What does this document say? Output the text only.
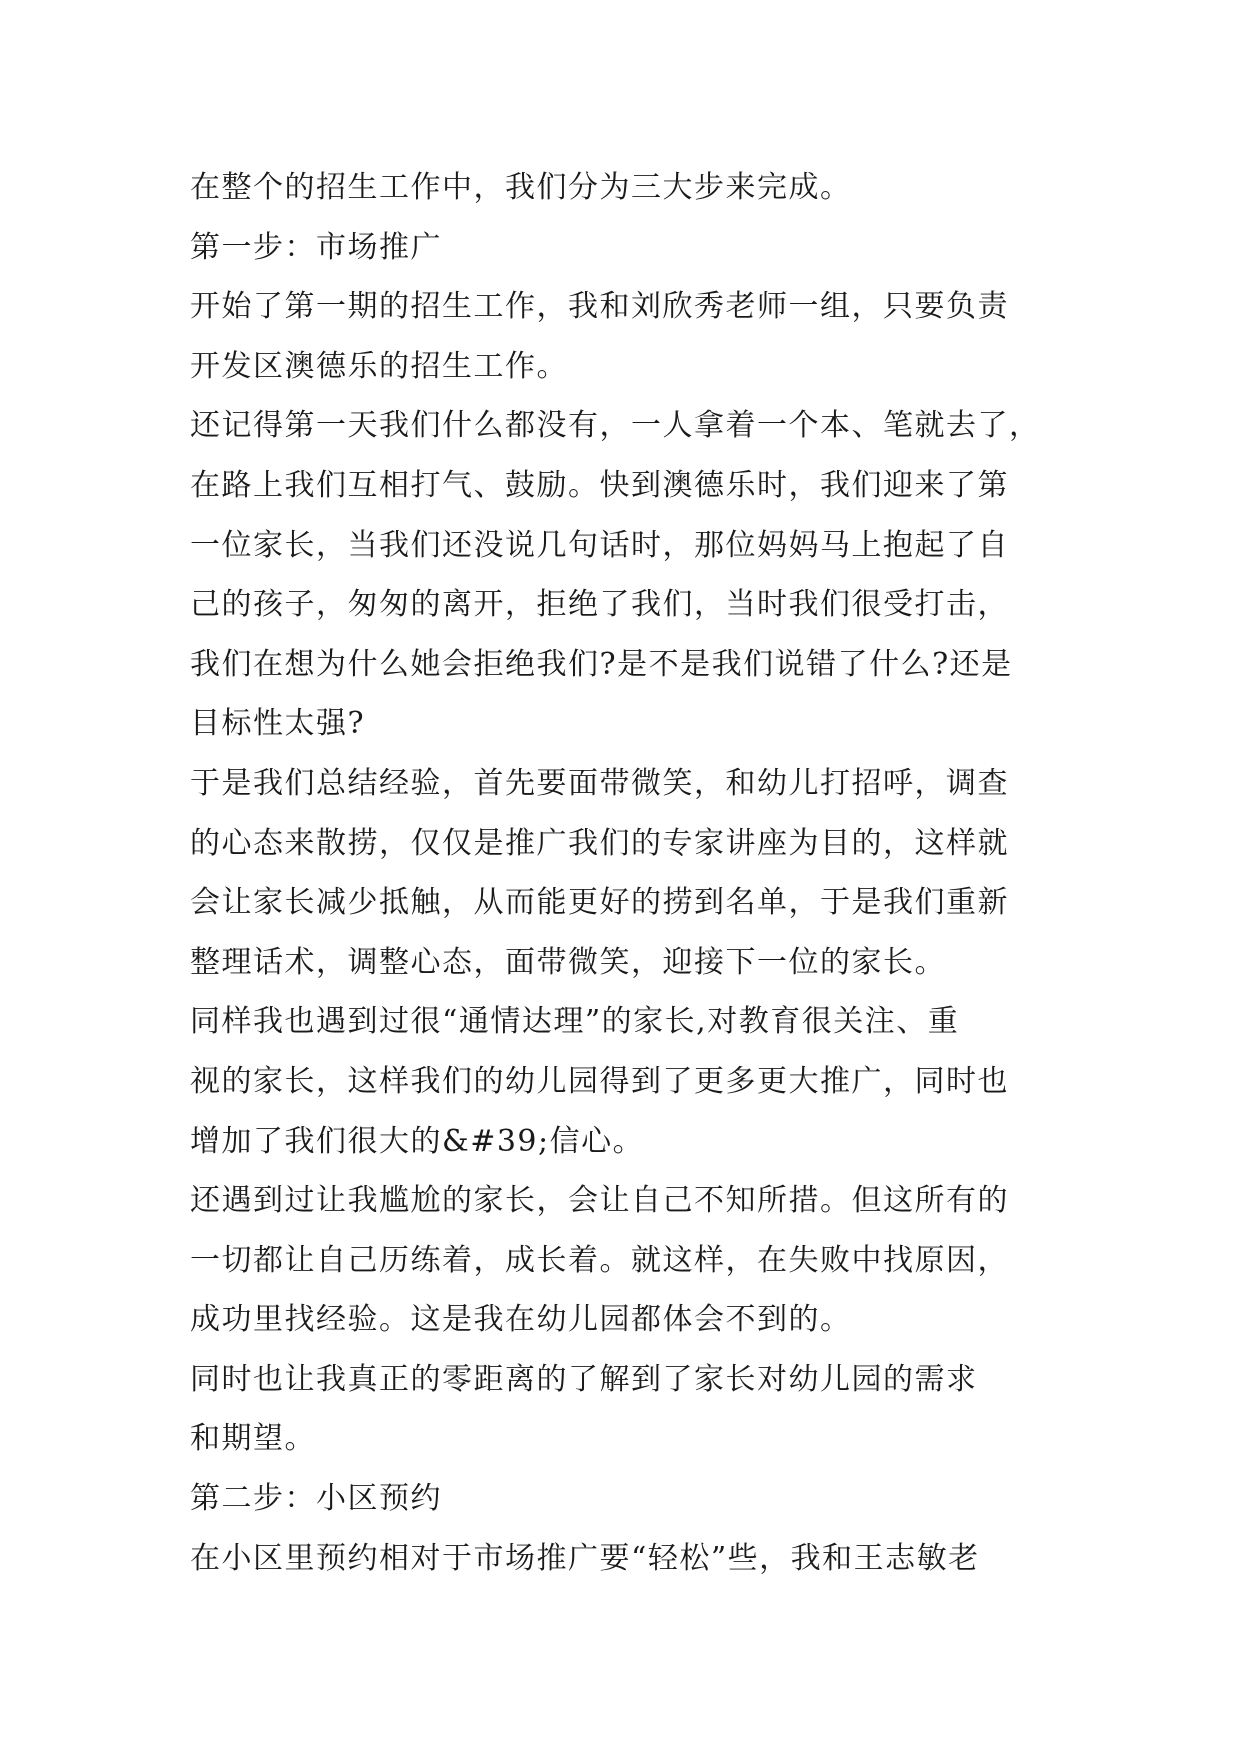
在整个的招生工作中，我们分为三大步来完成。
第一步：市场推广
开始了第一期的招生工作，我和刘欣秀老师一组，只要负责
开发区澳德乐的招生工作。
还记得第一天我们什么都没有，一人拿着一个本、笔就去了，
在路上我们互相打气、鼓励。快到澳德乐时，我们迎来了第
一位家长，当我们还没说几句话时，那位妈妈马上抱起了自
己的孩子，匆匆的离开，拒绝了我们，当时我们很受打击，
我们在想为什么她会拒绝我们?是不是我们说错了什么?还是
目标性太强?
于是我们总结经验，首先要面带微笑，和幼儿打招呼，调查
的心态来散捞，仅仅是推广我们的专家讲座为目的，这样就
会让家长减少抵触，从而能更好的捞到名单，于是我们重新
整理话术，调整心态，面带微笑，迎接下一位的家长。
同样我也遇到过很“通情达理”的家长,对教育很关注、重
视的家长，这样我们的幼儿园得到了更多更大推广，同时也
增加了我们很大的&#39;信心。
还遇到过让我尴尬的家长，会让自己不知所措。但这所有的
一切都让自己历练着，成长着。就这样，在失败中找原因，
成功里找经验。这是我在幼儿园都体会不到的。
同时也让我真正的零距离的了解到了家长对幼儿园的需求
和期望。
第二步：小区预约
在小区里预约相对于市场推广要“轻松”些，我和王志敏老
